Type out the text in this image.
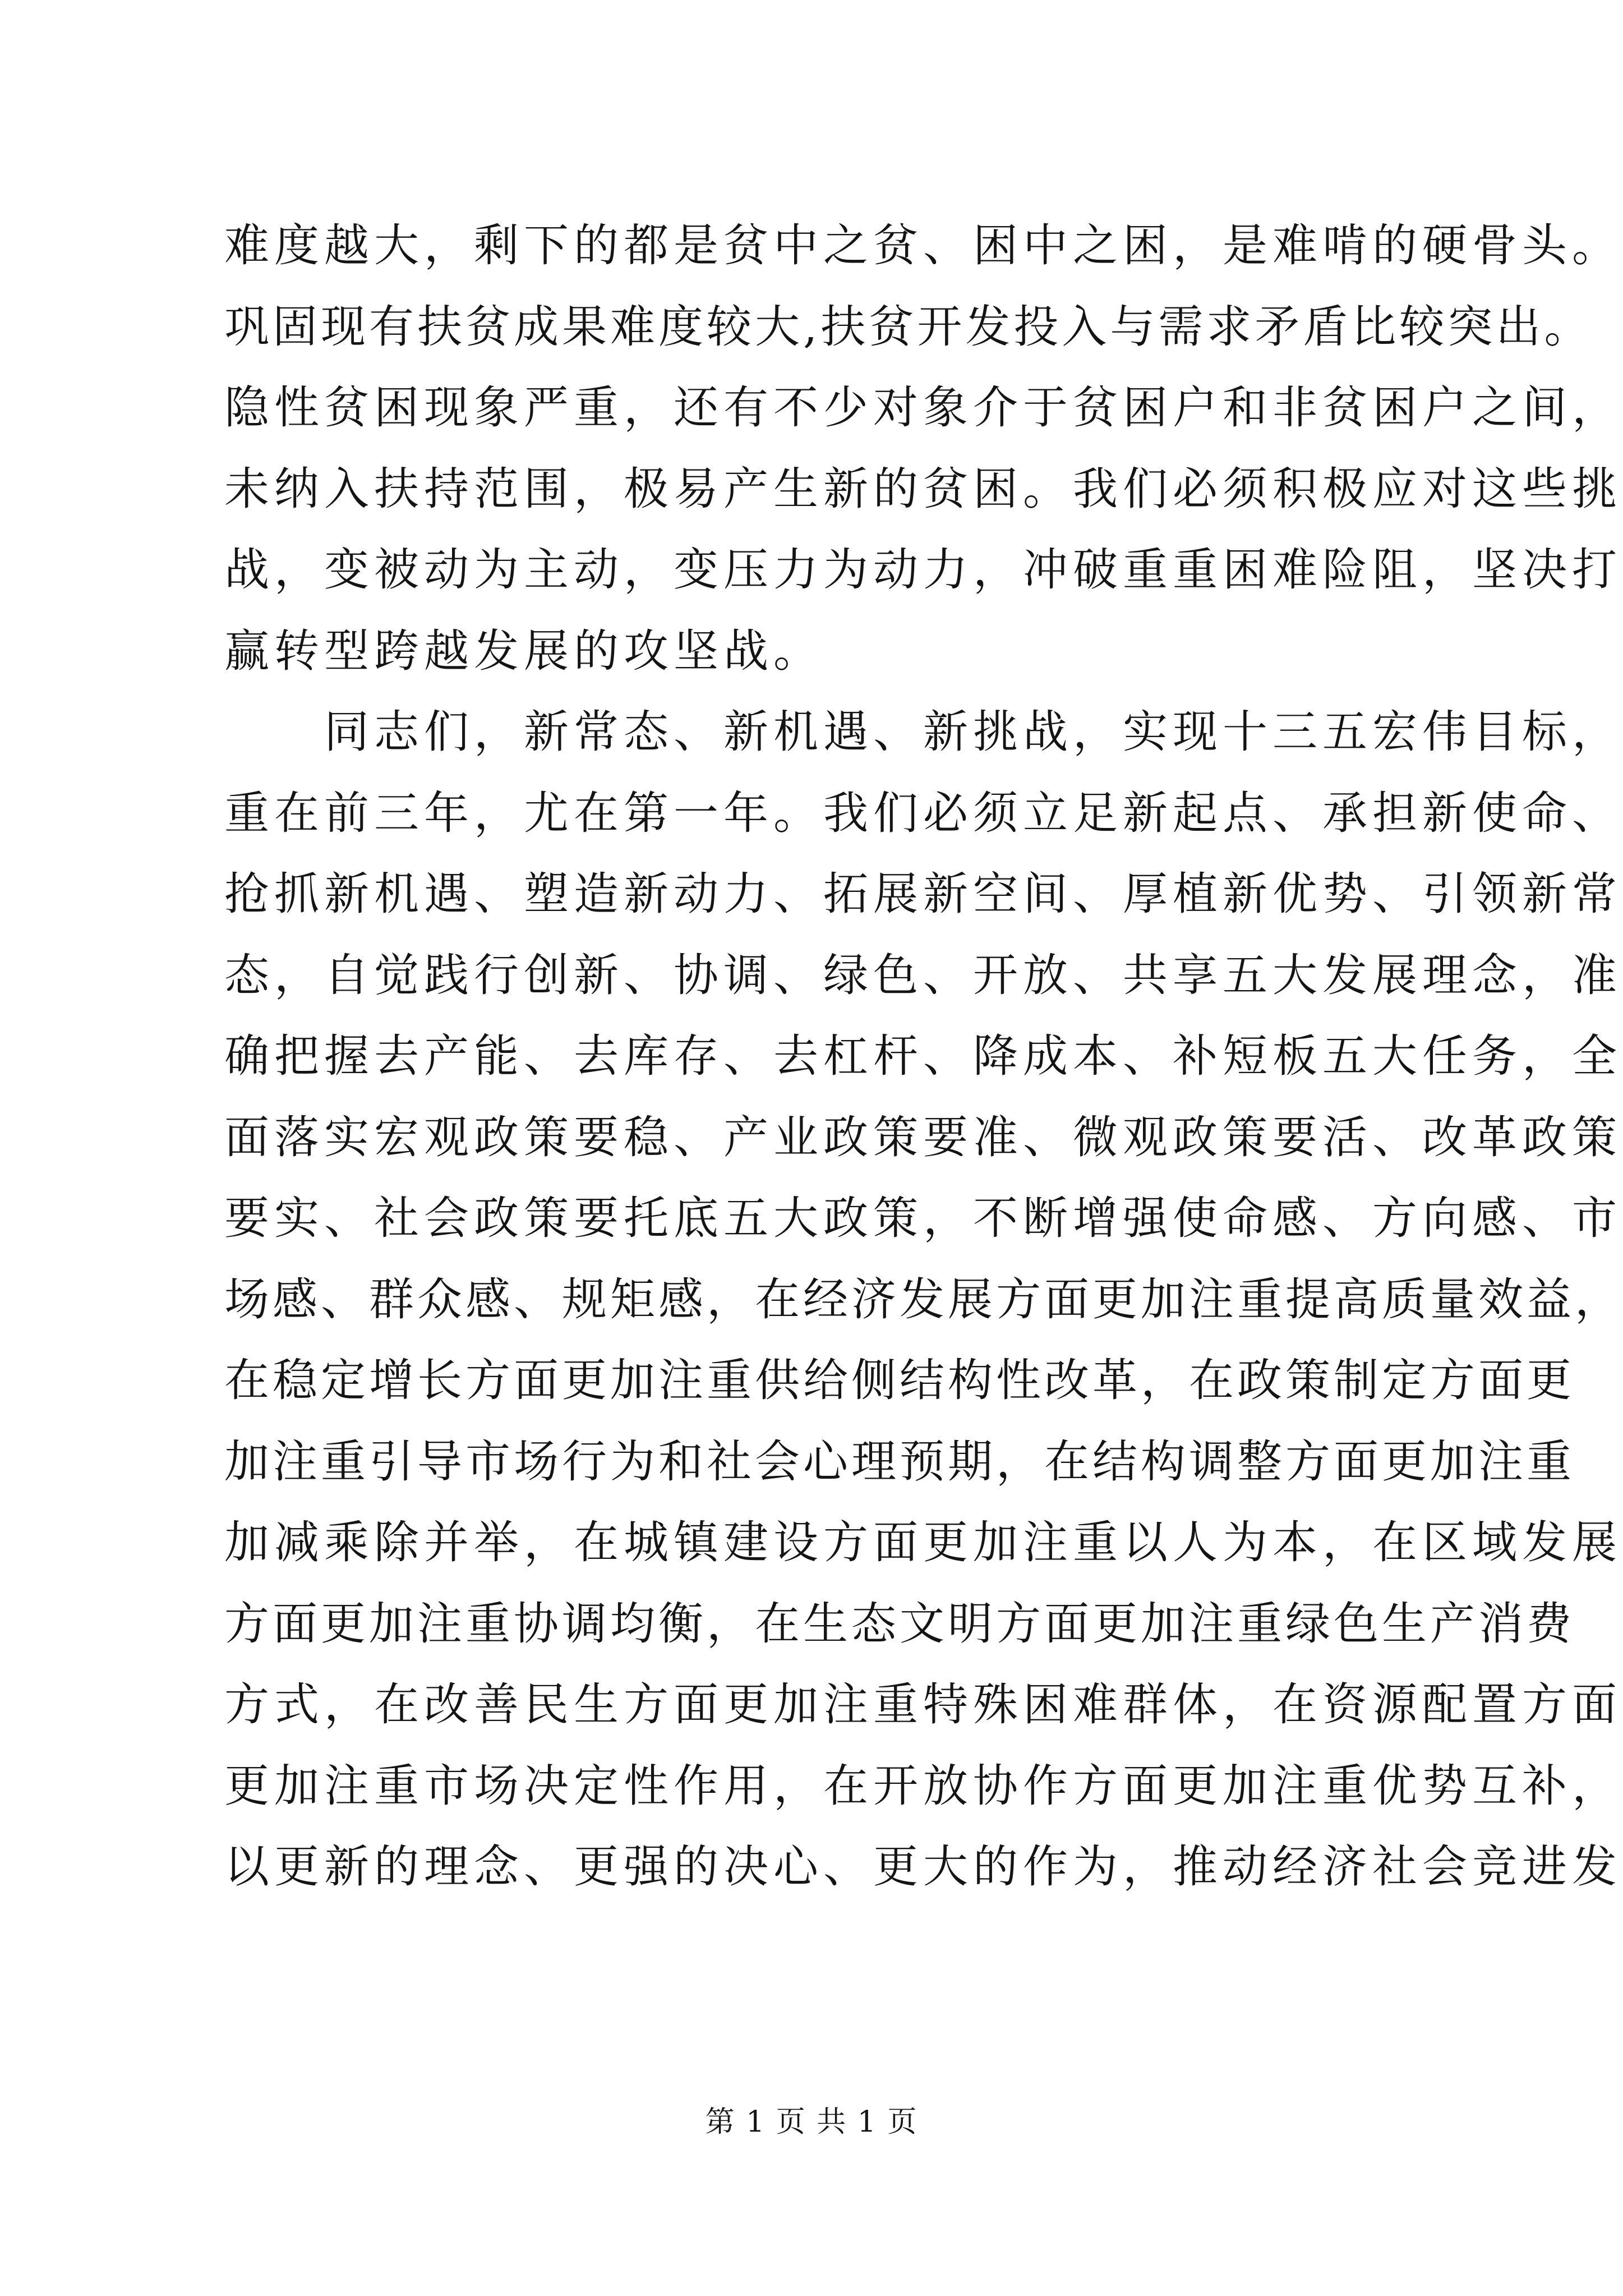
难度越大，剩下的都是贫中之贫、困中之困，是难啃的硬骨头。
巩固现有扶贫成果难度较大,扶贫开发投入与需求矛盾比较突出。
隐性贫困现象严重，还有不少对象介于贫困户和非贫困户之间，
未纳入扶持范围，极易产生新的贫困。我们必须积极应对这些挑
战，变被动为主动，变压力为动力，冲破重重困难险阻，坚决打
赢转型跨越发展的攻坚战。
　　同志们，新常态、新机遇、新挑战，实现十三五宏伟目标，
重在前三年，尤在第一年。我们必须立足新起点、承担新使命、
抢抓新机遇、塑造新动力、拓展新空间、厚植新优势、引领新常
态，自觉践行创新、协调、绿色、开放、共享五大发展理念，准
确把握去产能、去库存、去杠杆、降成本、补短板五大任务，全
面落实宏观政策要稳、产业政策要准、微观政策要活、改革政策
要实、社会政策要托底五大政策，不断增强使命感、方向感、市
场感、群众感、规矩感，在经济发展方面更加注重提高质量效益，
在稳定增长方面更加注重供给侧结构性改革，在政策制定方面更
加注重引导市场行为和社会心理预期，在结构调整方面更加注重
加减乘除并举，在城镇建设方面更加注重以人为本，在区域发展
方面更加注重协调均衡，在生态文明方面更加注重绿色生产消费
方式，在改善民生方面更加注重特殊困难群体，在资源配置方面
更加注重市场决定性作用，在开放协作方面更加注重优势互补，
以更新的理念、更强的决心、更大的作为，推动经济社会竞进发
第 1 页 共 1 页
